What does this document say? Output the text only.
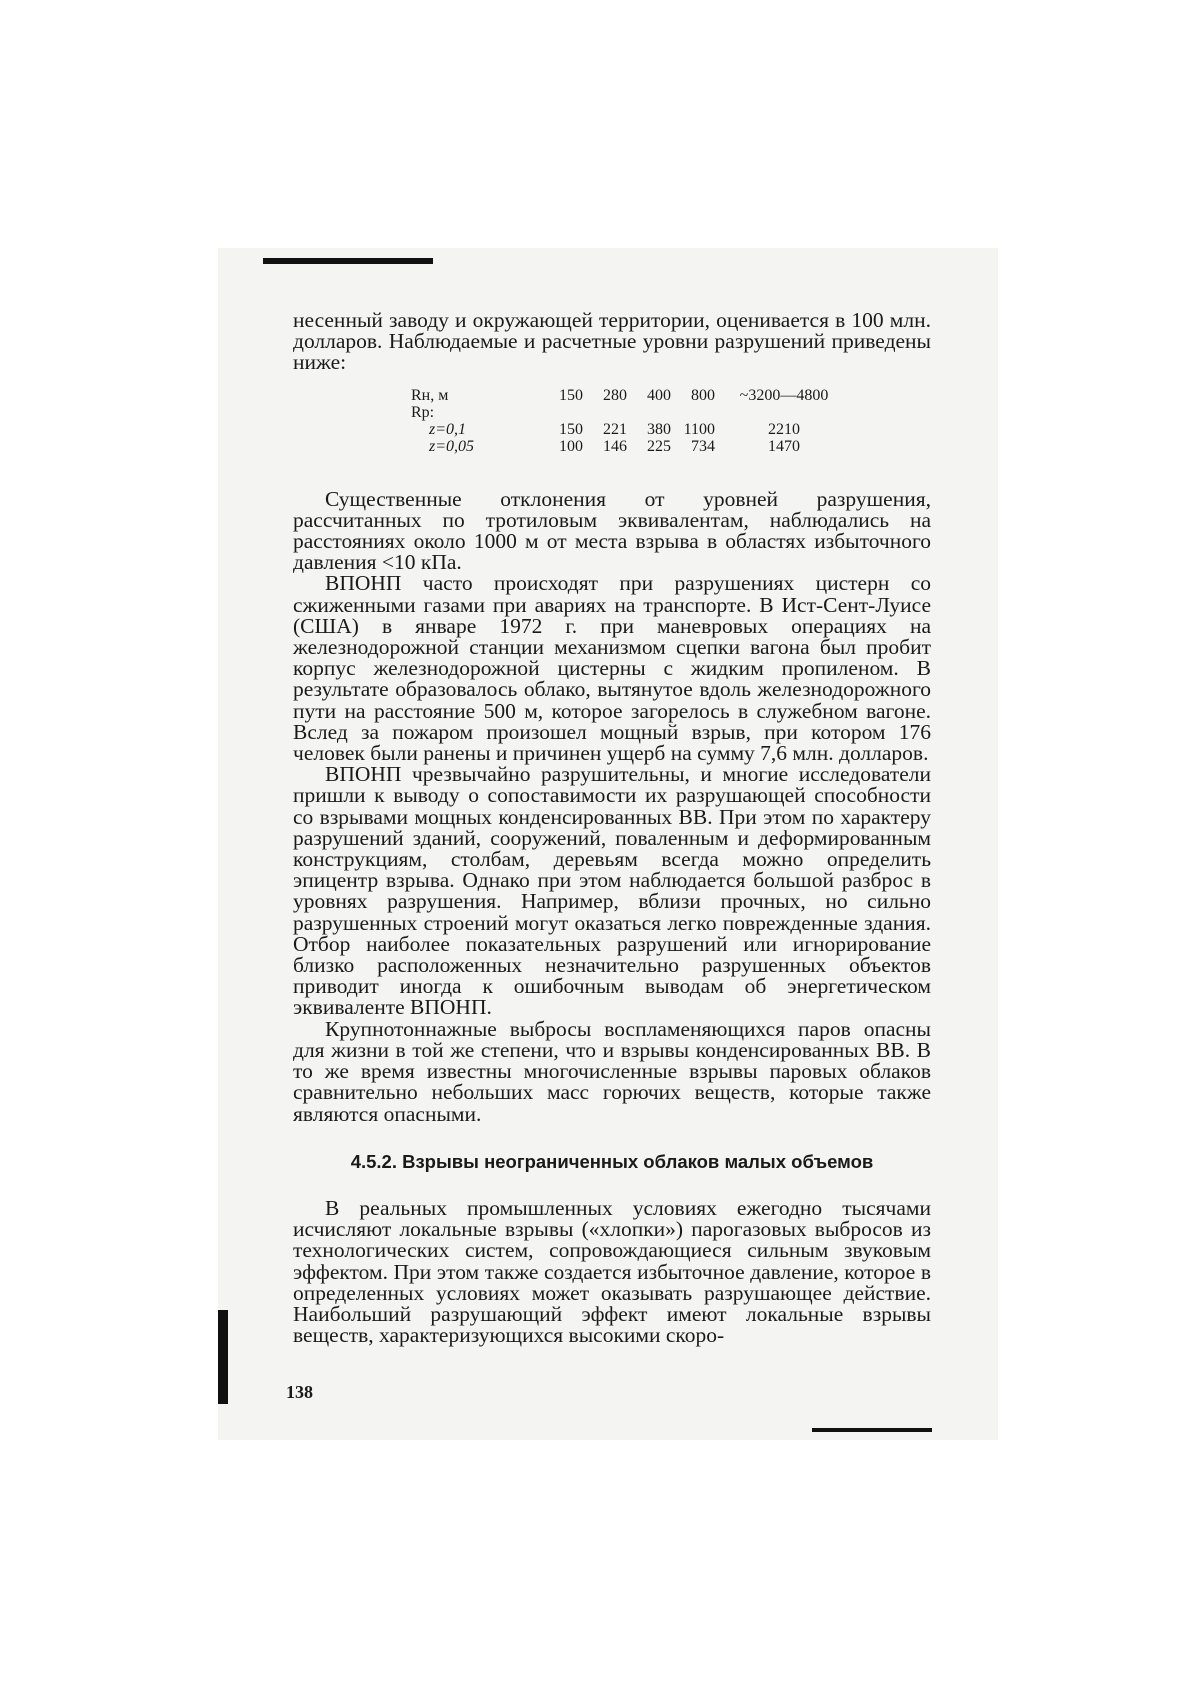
несенный заводу и окружающей территории, оценивается в 100 млн. долларов. Наблюдаемые и расчетные уровни разрушений приведены ниже:

Rн, м	150	280	400	800	~3200—4800
Rр:					
z=0,1	150	221	380	1100	2210
z=0,05	100	146	225	734	1470

Существенные отклонения от уровней разрушения, рассчитанных по тротиловым эквивалентам, наблюдались на расстояниях около 1000 м от места взрыва в областях избыточного давления <10 кПа.

ВПОНП часто происходят при разрушениях цистерн со сжиженными газами при авариях на транспорте. В Ист-Сент-Луисе (США) в январе 1972 г. при маневровых операциях на железнодорожной станции механизмом сцепки вагона был пробит корпус железнодорожной цистерны с жидким пропиленом. В результате образовалось облако, вытянутое вдоль железнодорожного пути на расстояние 500 м, которое загорелось в служебном вагоне. Вслед за пожаром произошел мощный взрыв, при котором 176 человек были ранены и причинен ущерб на сумму 7,6 млн. долларов.

ВПОНП чрезвычайно разрушительны, и многие исследователи пришли к выводу о сопоставимости их разрушающей способности со взрывами мощных конденсированных ВВ. При этом по характеру разрушений зданий, сооружений, поваленным и деформированным конструкциям, столбам, деревьям всегда можно определить эпицентр взрыва. Однако при этом наблюдается большой разброс в уровнях разрушения. Например, вблизи прочных, но сильно разрушенных строений могут оказаться легко поврежденные здания. Отбор наиболее показательных разрушений или игнорирование близко расположенных незначительно разрушенных объектов приводит иногда к ошибочным выводам об энергетическом эквиваленте ВПОНП.

Крупнотоннажные выбросы воспламеняющихся паров опасны для жизни в той же степени, что и взрывы конденсированных ВВ. В то же время известны многочисленные взрывы паровых облаков сравнительно небольших масс горючих веществ, которые также являются опасными.

4.5.2. Взрывы неограниченных облаков малых объемов

В реальных промышленных условиях ежегодно тысячами исчисляют локальные взрывы («хлопки») парогазовых выбросов из технологических систем, сопровождающиеся сильным звуковым эффектом. При этом также создается избыточное давление, которое в определенных условиях может оказывать разрушающее действие. Наибольший разрушающий эффект имеют локальные взрывы веществ, характеризующихся высокими скоро-

138
